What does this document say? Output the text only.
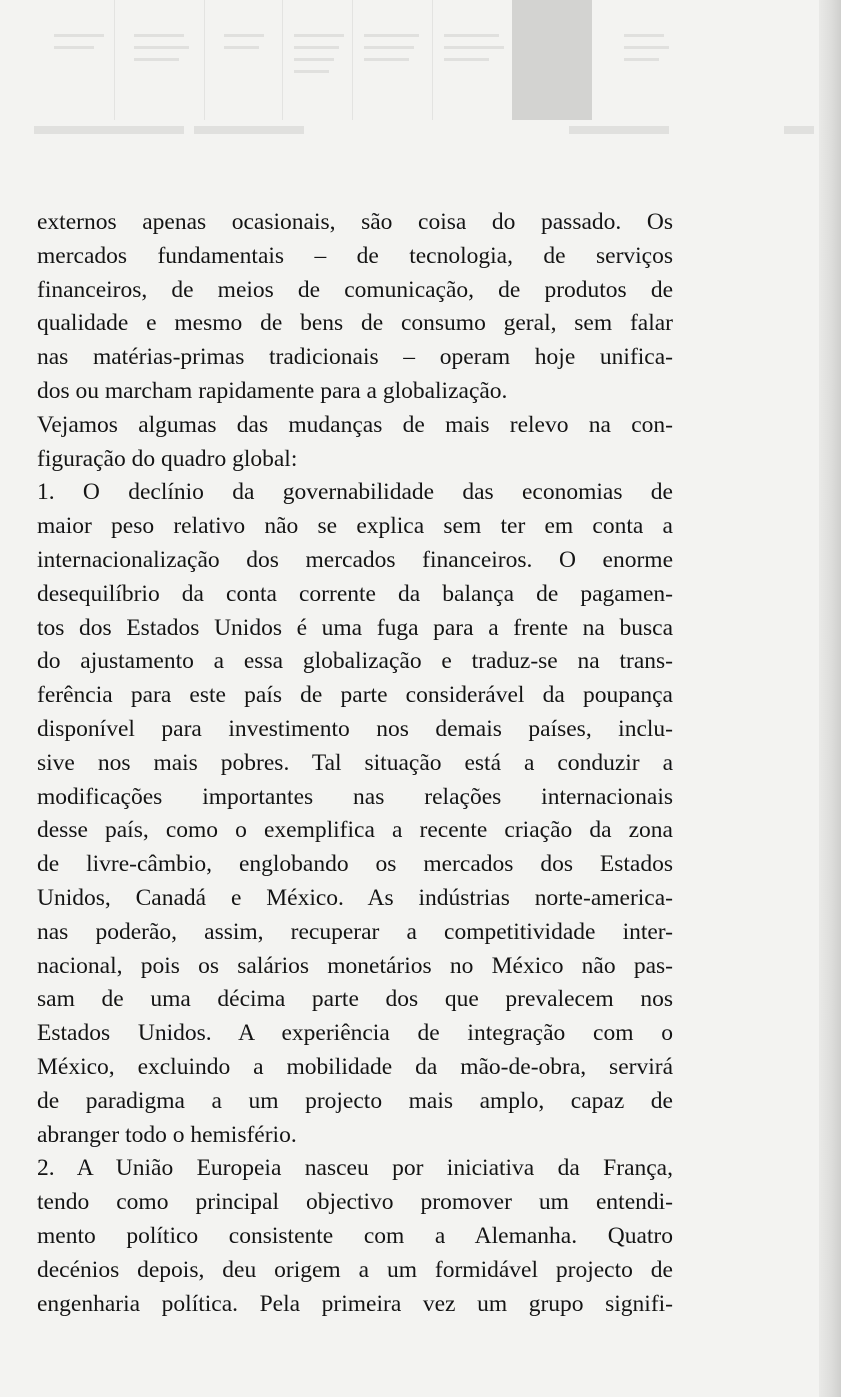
externos apenas ocasionais, são coisa do passado. Os

mercados fundamentais – de tecnologia, de serviços

financeiros, de meios de comunicação, de produtos de

qualidade e mesmo de bens de consumo geral, sem falar

nas matérias-primas tradicionais – operam hoje unifica-

dos ou marcham rapidamente para a globalização.

Vejamos algumas das mudanças de mais relevo na con-

figuração do quadro global:

1. O declínio da governabilidade das economias de

maior peso relativo não se explica sem ter em conta a

internacionalização dos mercados financeiros. O enorme

desequilíbrio da conta corrente da balança de pagamen-

tos dos Estados Unidos é uma fuga para a frente na busca

do ajustamento a essa globalização e traduz-se na trans-

ferência para este país de parte considerável da poupança

disponível para investimento nos demais países, inclu-

sive nos mais pobres. Tal situação está a conduzir a

modificações importantes nas relações internacionais

desse país, como o exemplifica a recente criação da zona

de livre-câmbio, englobando os mercados dos Estados

Unidos, Canadá e México. As indústrias norte-america-

nas poderão, assim, recuperar a competitividade inter-

nacional, pois os salários monetários no México não pas-

sam de uma décima parte dos que prevalecem nos

Estados Unidos. A experiência de integração com o

México, excluindo a mobilidade da mão-de-obra, servirá

de paradigma a um projecto mais amplo, capaz de

abranger todo o hemisfério.

2. A União Europeia nasceu por iniciativa da França,

tendo como principal objectivo promover um entendi-

mento político consistente com a Alemanha. Quatro

decénios depois, deu origem a um formidável projecto de

engenharia política. Pela primeira vez um grupo signifi-
